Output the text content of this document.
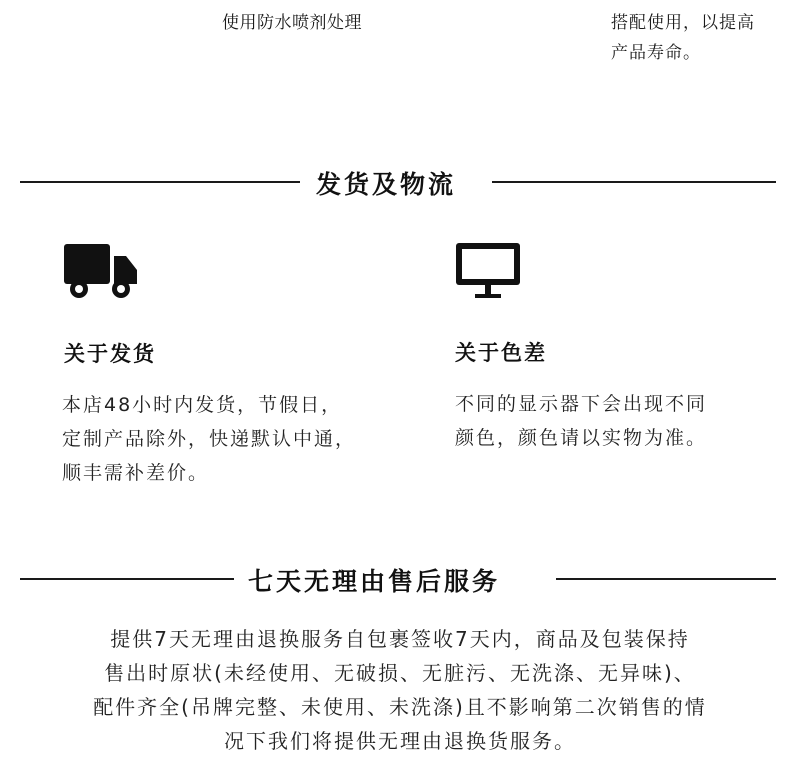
使用防水喷剂处理	搭配使用，以提高
产品寿命。
发货及物流
关于发货
本店48小时内发货，节假日，
定制产品除外，快递默认中通，
顺丰需补差价。
关于色差
不同的显示器下会出现不同
颜色，颜色请以实物为准。
七天无理由售后服务
提供7天无理由退换服务自包裹签收7天内，商品及包装保持
售出时原状(未经使用、无破损、无脏污、无洗涤、无异味)、
配件齐全(吊牌完整、未使用、未洗涤)且不影响第二次销售的情
况下我们将提供无理由退换货服务。
